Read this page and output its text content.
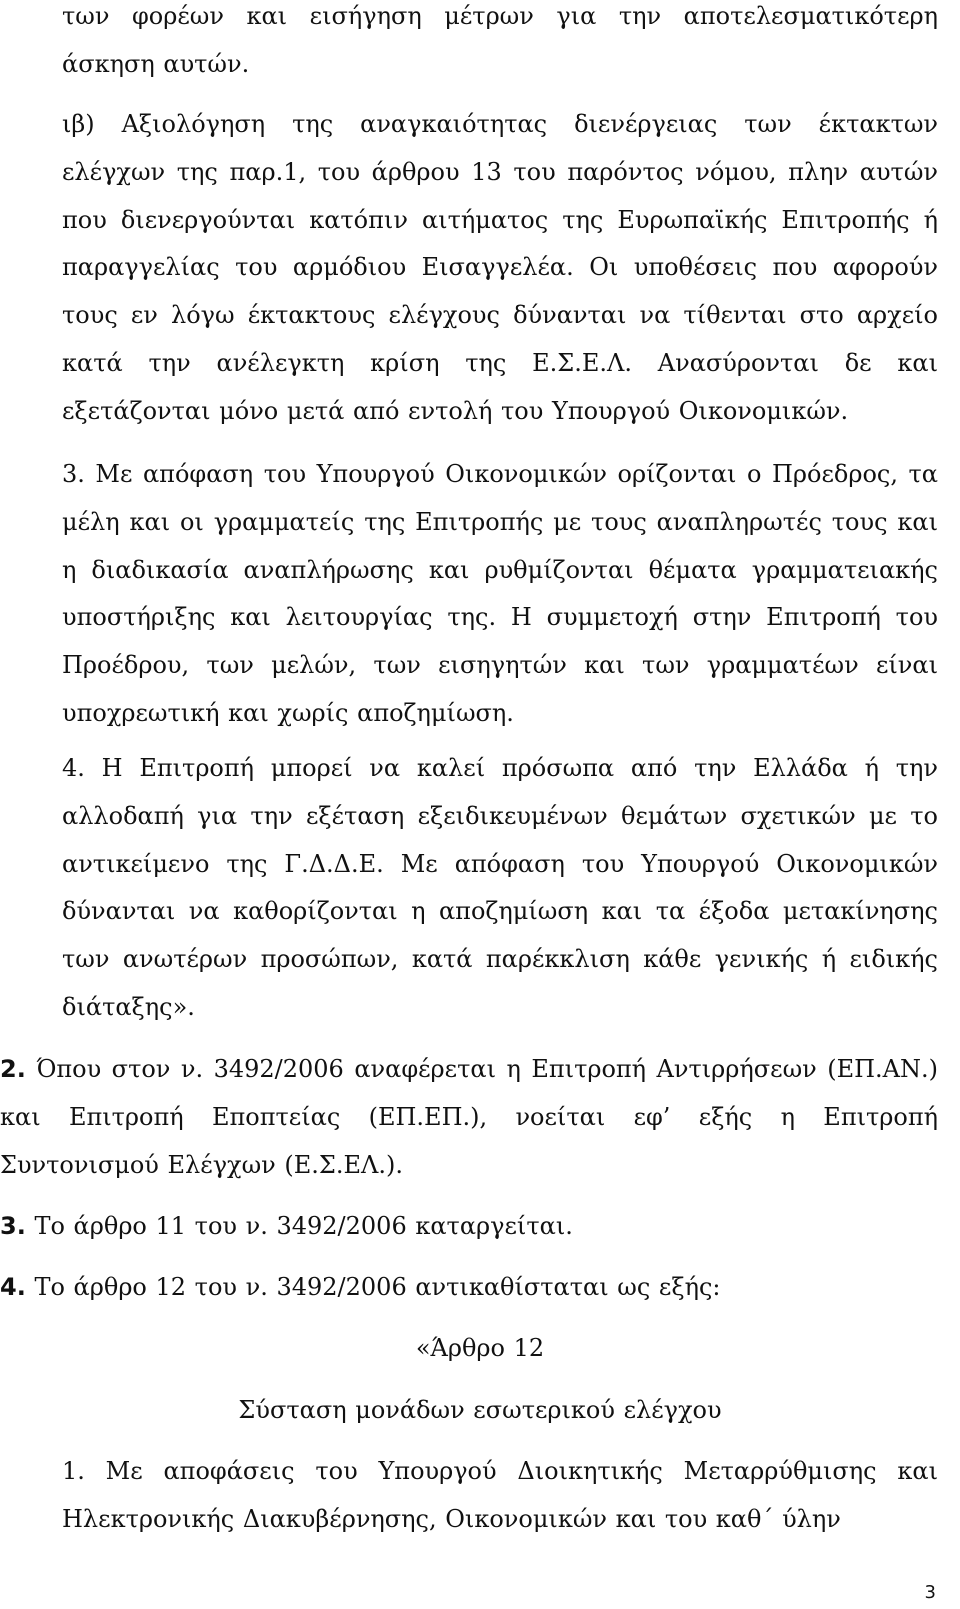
των φορέων και εισήγηση μέτρων για την αποτελεσματικότερη άσκηση αυτών.
ιβ) Αξιολόγηση της αναγκαιότητας διενέργειας των έκτακτων ελέγχων της παρ.1, του άρθρου 13 του παρόντος νόμου, πλην αυτών που διενεργούνται κατόπιν αιτήματος της Ευρωπαϊκής Επιτροπής ή παραγγελίας του αρμόδιου Εισαγγελέα. Οι υποθέσεις που αφορούν τους εν λόγω έκτακτους ελέγχους δύνανται να τίθενται στο αρχείο κατά την ανέλεγκτη κρίση της Ε.Σ.Ε.Λ. Ανασύρονται δε και εξετάζονται μόνο μετά από εντολή του Υπουργού Οικονομικών.
3. Με απόφαση του Υπουργού Οικονομικών ορίζονται ο Πρόεδρος, τα μέλη και οι γραμματείς της Επιτροπής με τους αναπληρωτές τους και η διαδικασία αναπλήρωσης και ρυθμίζονται θέματα γραμματειακής υποστήριξης και λειτουργίας της. Η συμμετοχή στην Επιτροπή του Προέδρου, των μελών, των εισηγητών και των γραμματέων είναι υποχρεωτική και χωρίς αποζημίωση.
4. Η Επιτροπή μπορεί να καλεί πρόσωπα από την Ελλάδα ή την αλλοδαπή για την εξέταση εξειδικευμένων θεμάτων σχετικών με το αντικείμενο της Γ.Δ.Δ.Ε. Με απόφαση του Υπουργού Οικονομικών δύνανται να καθορίζονται η αποζημίωση και τα έξοδα μετακίνησης των ανωτέρων προσώπων, κατά παρέκκλιση κάθε γενικής ή ειδικής διάταξης».
2. Όπου στον ν. 3492/2006 αναφέρεται η Επιτροπή Αντιρρήσεων (ΕΠ.ΑΝ.) και Επιτροπή Εποπτείας (ΕΠ.ΕΠ.), νοείται εφ’ εξής η Επιτροπή Συντονισμού Ελέγχων (Ε.Σ.ΕΛ.).
3. Το άρθρο 11 του ν. 3492/2006 καταργείται.
4. Το άρθρο 12 του ν. 3492/2006 αντικαθίσταται ως εξής:
«Άρθρο 12
Σύσταση μονάδων εσωτερικού ελέγχου
1. Με αποφάσεις του Υπουργού Διοικητικής Μεταρρύθμισης και Ηλεκτρονικής Διακυβέρνησης, Οικονομικών και του καθ΄ ύλην
3
